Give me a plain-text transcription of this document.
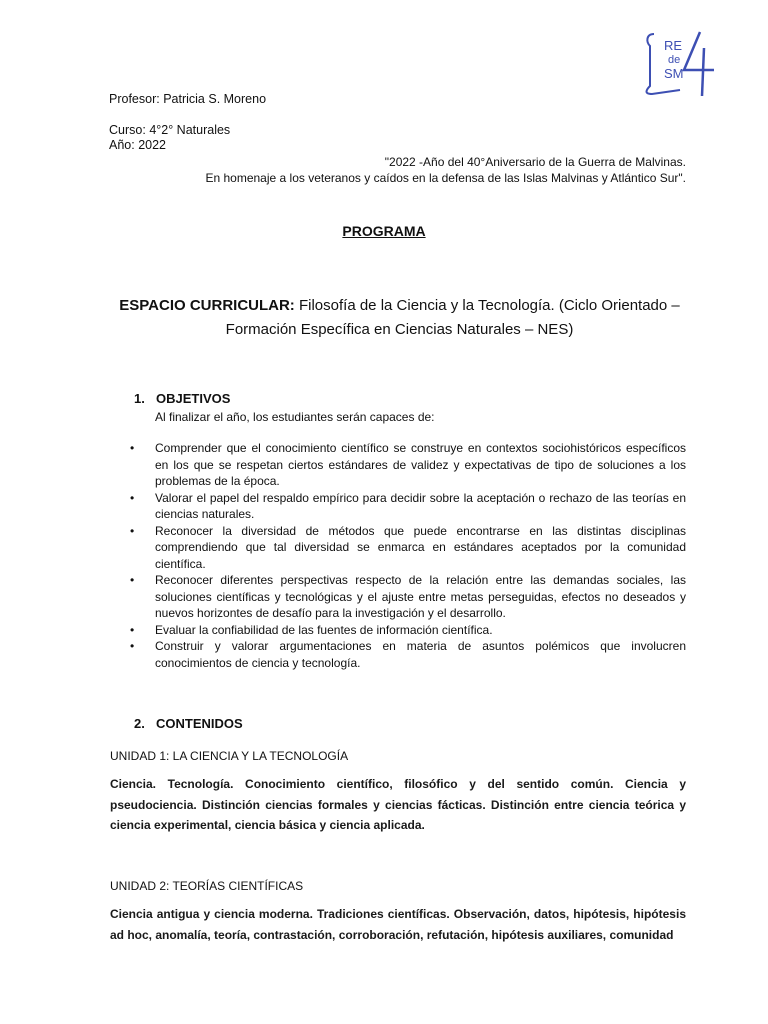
RE
de
SM
Profesor: Patricia S. Moreno
Curso: 4°2° Naturales
Año: 2022
"2022 -Año del 40°Aniversario de la Guerra de Malvinas.
En homenaje a los veteranos y caídos en la defensa de las Islas Malvinas y Atlántico Sur".
PROGRAMA
ESPACIO CURRICULAR: Filosofía de la Ciencia y la Tecnología. (Ciclo Orientado – Formación Específica en Ciencias Naturales – NES)
1. OBJETIVOS
Al finalizar el año, los estudiantes serán capaces de:
• Comprender que el conocimiento científico se construye en contextos sociohistóricos específicos en los que se respetan ciertos estándares de validez y expectativas de tipo de soluciones a los problemas de la época.
• Valorar el papel del respaldo empírico para decidir sobre la aceptación o rechazo de las teorías en ciencias naturales.
• Reconocer la diversidad de métodos que puede encontrarse en las distintas disciplinas comprendiendo que tal diversidad se enmarca en estándares aceptados por la comunidad científica.
• Reconocer diferentes perspectivas respecto de la relación entre las demandas sociales, las soluciones científicas y tecnológicas y el ajuste entre metas perseguidas, efectos no deseados y nuevos horizontes de desafío para la investigación y el desarrollo.
• Evaluar la confiabilidad de las fuentes de información científica.
• Construir y valorar argumentaciones en materia de asuntos polémicos que involucren conocimientos de ciencia y tecnología.
2. CONTENIDOS
UNIDAD 1: LA CIENCIA Y LA TECNOLOGÍA
Ciencia. Tecnología. Conocimiento científico, filosófico y del sentido común. Ciencia y pseudociencia. Distinción ciencias formales y ciencias fácticas. Distinción entre ciencia teórica y ciencia experimental, ciencia básica y ciencia aplicada.
UNIDAD 2: TEORÍAS CIENTÍFICAS
Ciencia antigua y ciencia moderna. Tradiciones científicas. Observación, datos, hipótesis, hipótesis ad hoc, anomalía, teoría, contrastación, corroboración, refutación, hipótesis auxiliares, comunidad
